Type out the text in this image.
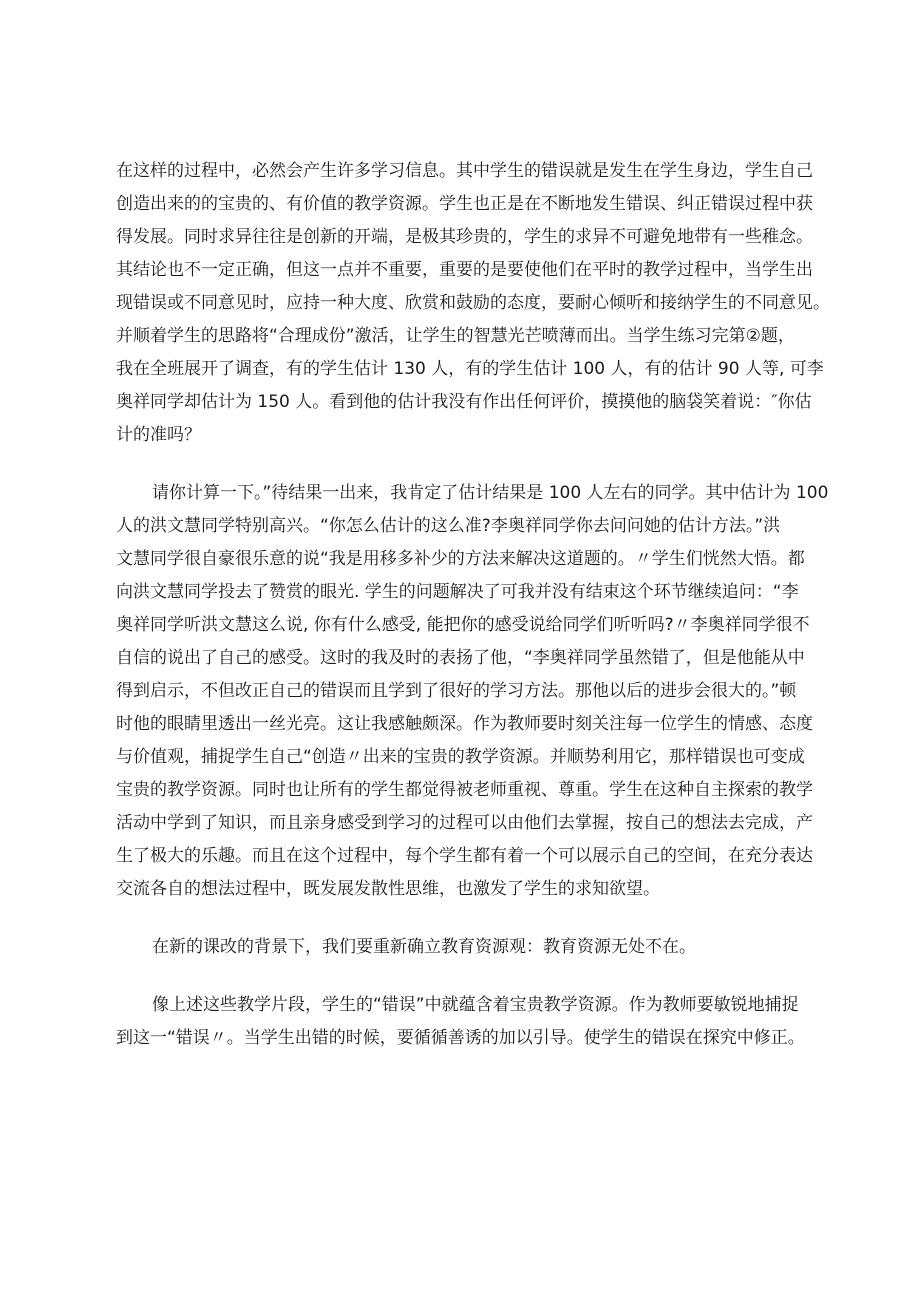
在这样的过程中，必然会产生许多学习信息。其中学生的错误就是发生在学生身边，学生自己
创造出来的的宝贵的、有价值的教学资源。学生也正是在不断地发生错误、纠正错误过程中获
得发展。同时求异往往是创新的开端，是极其珍贵的，学生的求异不可避免地带有一些稚念。
其结论也不一定正确，但这一点并不重要，重要的是要使他们在平时的教学过程中，当学生出
现错误或不同意见时，应持一种大度、欣赏和鼓励的态度，要耐心倾听和接纳学生的不同意见。
并顺着学生的思路将“合理成份”激活，让学生的智慧光芒喷薄而出。当学生练习完第②题，
我在全班展开了调查，有的学生估计 130 人，有的学生估计 100 人，有的估计 90 人等, 可李
奥祥同学却估计为 150 人。看到他的估计我没有作出任何评价，摸摸他的脑袋笑着说：″你估
计的准吗？
请你计算一下。”待结果一出来，我肯定了估计结果是 100 人左右的同学。其中估计为 100
人的洪文慧同学特别高兴。“你怎么估计的这么准?李奥祥同学你去问问她的估计方法。”洪
文慧同学很自豪很乐意的说“我是用移多补少的方法来解决这道题的。〃学生们恍然大悟。都
向洪文慧同学投去了赞赏的眼光. 学生的问题解决了可我并没有结束这个环节继续追问：“李
奥祥同学听洪文慧这么说, 你有什么感受, 能把你的感受说给同学们听听吗?〃李奥祥同学很不
自信的说出了自己的感受。这时的我及时的表扬了他，“李奥祥同学虽然错了，但是他能从中
得到启示，不但改正自己的错误而且学到了很好的学习方法。那他以后的进步会很大的。”顿
时他的眼睛里透出一丝光亮。这让我感触颇深。作为教师要时刻关注每一位学生的情感、态度
与价值观，捕捉学生自己“创造〃出来的宝贵的教学资源。并顺势利用它，那样错误也可变成
宝贵的教学资源。同时也让所有的学生都觉得被老师重视、尊重。学生在这种自主探索的教学
活动中学到了知识，而且亲身感受到学习的过程可以由他们去掌握，按自己的想法去完成，产
生了极大的乐趣。而且在这个过程中，每个学生都有着一个可以展示自己的空间，在充分表达
交流各自的想法过程中，既发展发散性思维，也激发了学生的求知欲望。
在新的课改的背景下，我们要重新确立教育资源观：教育资源无处不在。
像上述这些教学片段，学生的“错误”中就蕴含着宝贵教学资源。作为教师要敏锐地捕捉
到这一“错误〃。当学生出错的时候，要循循善诱的加以引导。使学生的错误在探究中修正。
